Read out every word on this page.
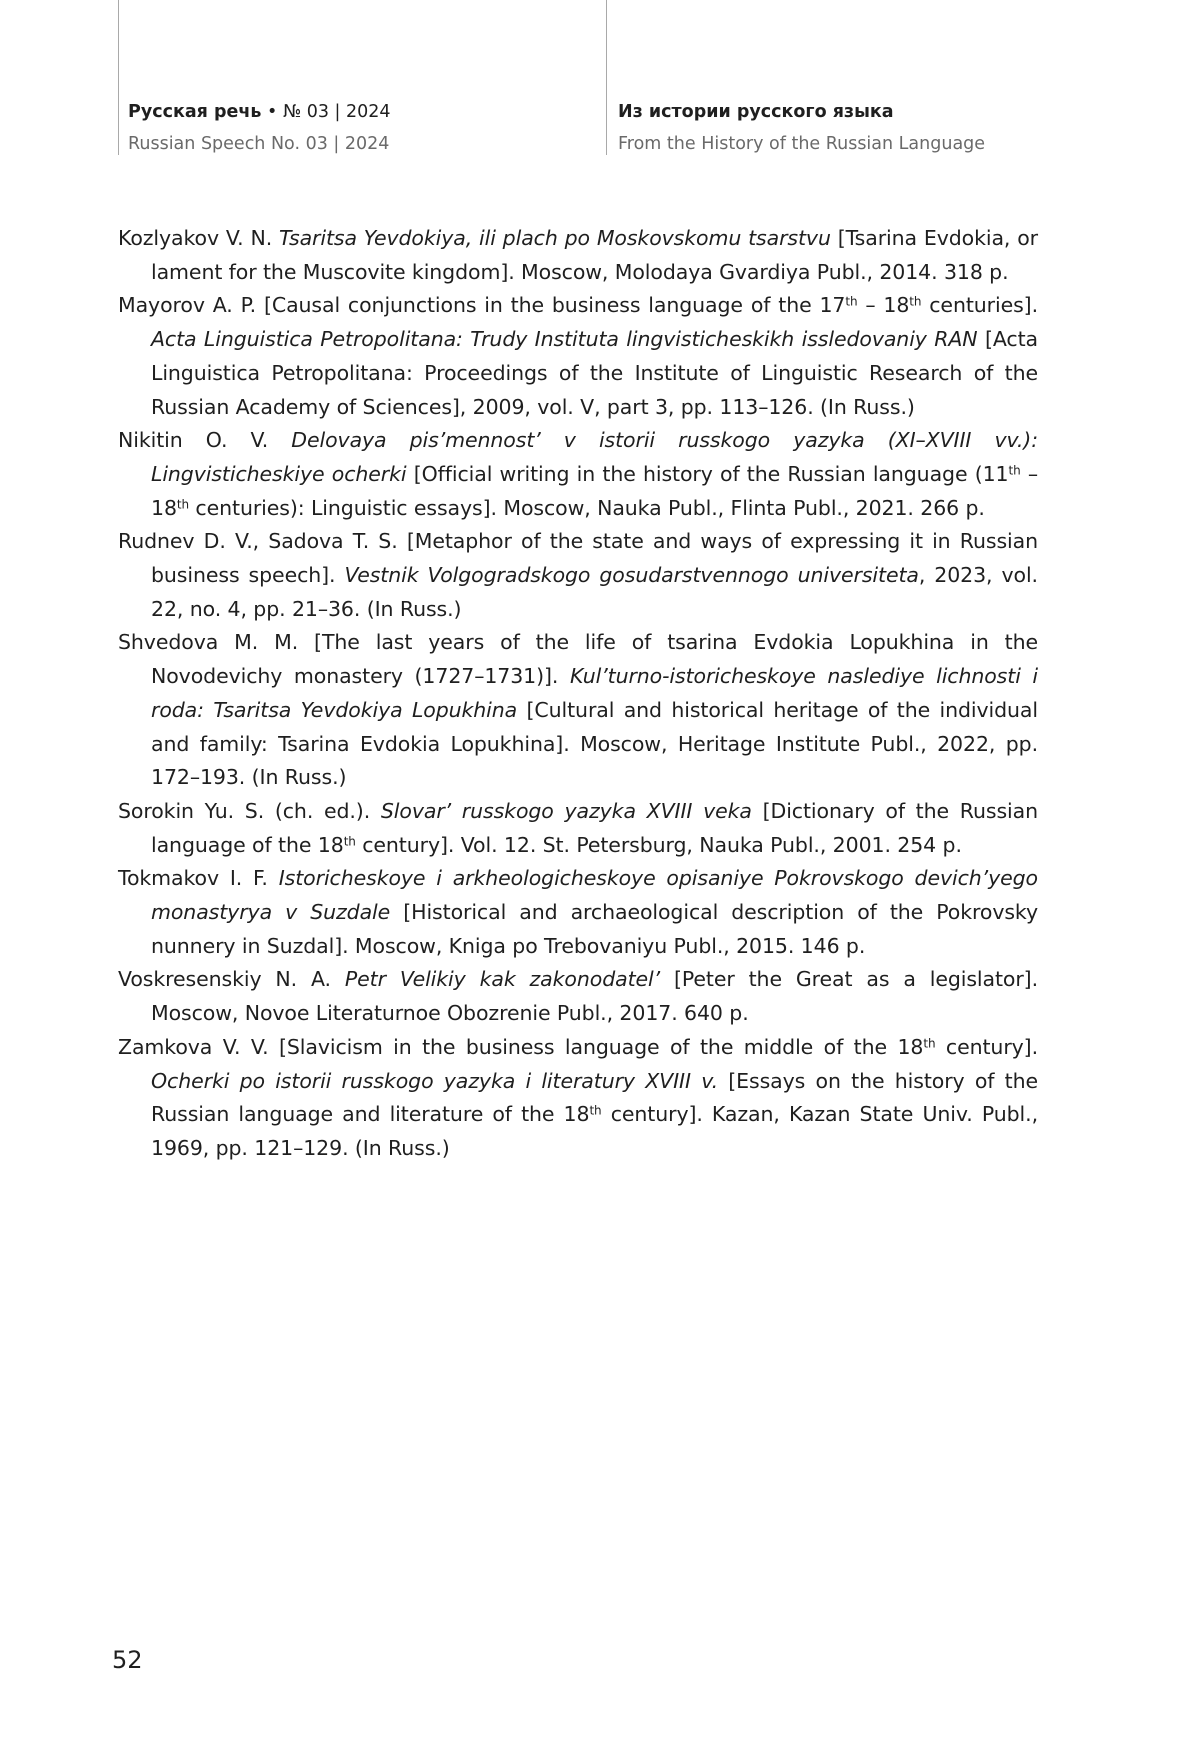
Русская речь • № 03 | 2024
Russian Speech No. 03 | 2024
Из истории русского языка
From the History of the Russian Language

Kozlyakov V. N. Tsaritsa Yevdokiya, ili plach po Moskovskomu tsarstvu [Tsarina Evdokia, or lament for the Muscovite kingdom]. Moscow, Molodaya Gvardiya Publ., 2014. 318 p.

Mayorov A. P. [Causal conjunctions in the business language of the 17th – 18th centuries]. Acta Linguistica Petropolitana: Trudy Instituta lingvisticheskikh issledovaniy RAN [Acta Linguistica Petropolitana: Proceedings of the Institute of Linguistic Research of the Russian Academy of Sciences], 2009, vol. V, part 3, pp. 113–126. (In Russ.)

Nikitin O. V. Delovaya pis’mennost’ v istorii russkogo yazyka (XI–XVIII vv.): Lingvisticheskiye ocherki [Official writing in the history of the Russian language (11th – 18th centuries): Linguistic essays]. Moscow, Nauka Publ., Flinta Publ., 2021. 266 p.

Rudnev D. V., Sadova T. S. [Metaphor of the state and ways of expressing it in Russian business speech]. Vestnik Volgogradskogo gosudarstvennogo universiteta, 2023, vol. 22, no. 4, pp. 21–36. (In Russ.)

Shvedova M. M. [The last years of the life of tsarina Evdokia Lopukhina in the Novodevichy monastery (1727–1731)]. Kul’turno-istoricheskoye naslediye lichnosti i roda: Tsaritsa Yevdokiya Lopukhina [Cultural and historical heritage of the individual and family: Tsarina Evdokia Lopukhina]. Moscow, Heritage Institute Publ., 2022, pp. 172–193. (In Russ.)

Sorokin Yu. S. (ch. ed.). Slovar’ russkogo yazyka XVIII veka [Dictionary of the Russian language of the 18th century]. Vol. 12. St. Petersburg, Nauka Publ., 2001. 254 p.

Tokmakov I. F. Istoricheskoye i arkheologicheskoye opisaniye Pokrovskogo devich’yego monastyrya v Suzdale [Historical and archaeological description of the Pokrovsky nunnery in Suzdal]. Moscow, Kniga po Trebovaniyu Publ., 2015. 146 p.

Voskresenskiy N. A. Petr Velikiy kak zakonodatel’ [Peter the Great as a legislator]. Moscow, Novoe Literaturnoe Obozrenie Publ., 2017. 640 p.

Zamkova V. V. [Slavicism in the business language of the middle of the 18th century]. Ocherki po istorii russkogo yazyka i literatury XVIII v. [Essays on the history of the Russian language and literature of the 18th century]. Kazan, Kazan State Univ. Publ., 1969, pp. 121–129. (In Russ.)

52
